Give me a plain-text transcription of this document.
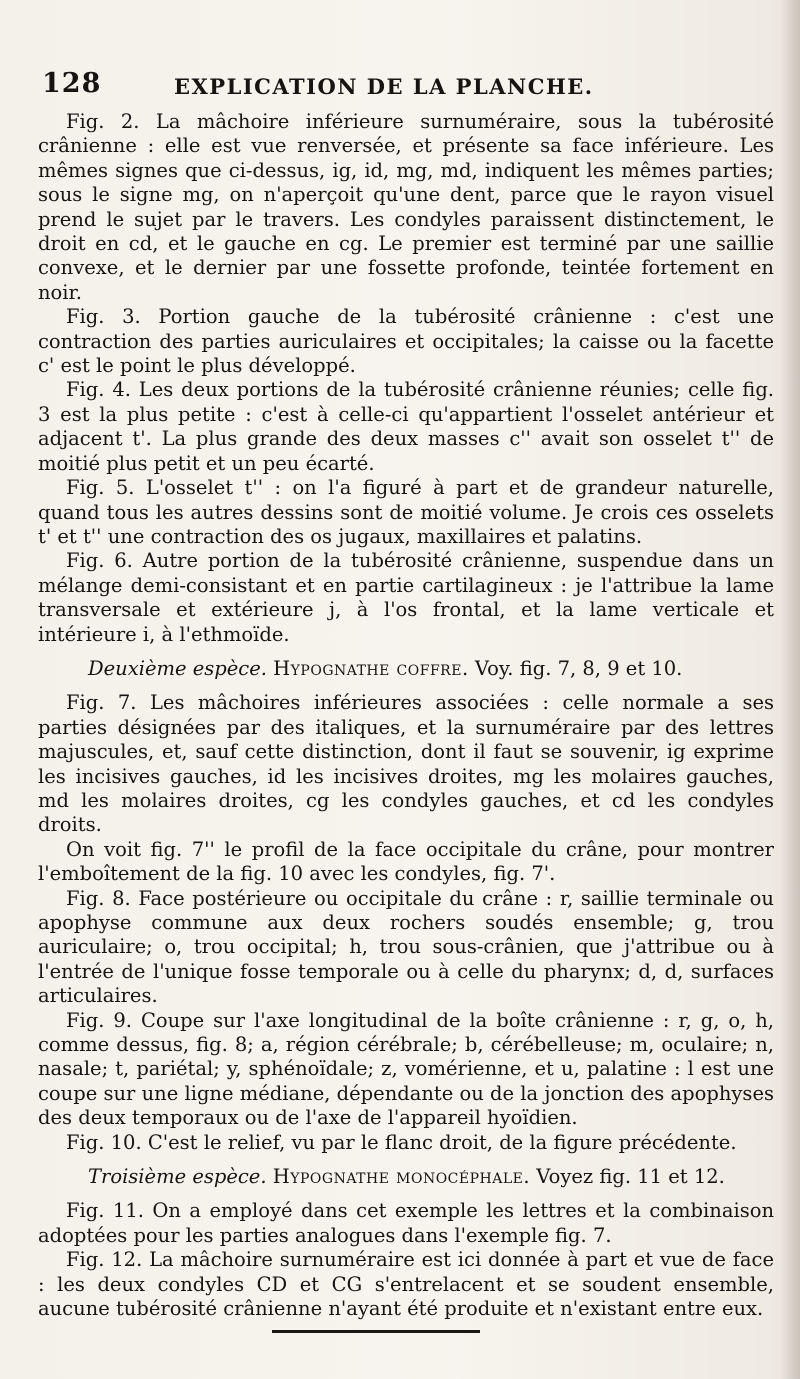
128	EXPLICATION DE LA PLANCHE.

Fig. 2. La mâchoire inférieure surnuméraire, sous la tubérosité crânienne : elle est vue renversée, et présente sa face inférieure. Les mêmes signes que ci-dessus, ig, id, mg, md, indiquent les mêmes parties; sous le signe mg, on n'aperçoit qu'une dent, parce que le rayon visuel prend le sujet par le travers. Les condyles paraissent distinctement, le droit en cd, et le gauche en cg. Le premier est terminé par une saillie convexe, et le dernier par une fossette profonde, teintée fortement en noir.

Fig. 3. Portion gauche de la tubérosité crânienne : c'est une contraction des parties auriculaires et occipitales; la caisse ou la facette c' est le point le plus développé.

Fig. 4. Les deux portions de la tubérosité crânienne réunies; celle fig. 3 est la plus petite : c'est à celle-ci qu'appartient l'osselet antérieur et adjacent t'. La plus grande des deux masses c'' avait son osselet t'' de moitié plus petit et un peu écarté.

Fig. 5. L'osselet t'' : on l'a figuré à part et de grandeur naturelle, quand tous les autres dessins sont de moitié volume. Je crois ces osselets t' et t'' une contraction des os jugaux, maxillaires et palatins.

Fig. 6. Autre portion de la tubérosité crânienne, suspendue dans un mélange demi-consistant et en partie cartilagineux : je l'attribue la lame transversale et extérieure j, à l'os frontal, et la lame verticale et intérieure i, à l'ethmoïde.

Deuxième espèce. Hypognathe coffre. Voy. fig. 7, 8, 9 et 10.

Fig. 7. Les mâchoires inférieures associées : celle normale a ses parties désignées par des italiques, et la surnuméraire par des lettres majuscules, et, sauf cette distinction, dont il faut se souvenir, ig exprime les incisives gauches, id les incisives droites, mg les molaires gauches, md les molaires droites, cg les condyles gauches, et cd les condyles droits.

On voit fig. 7'' le profil de la face occipitale du crâne, pour montrer l'emboîtement de la fig. 10 avec les condyles, fig. 7'.

Fig. 8. Face postérieure ou occipitale du crâne : r, saillie terminale ou apophyse commune aux deux rochers soudés ensemble; g, trou auriculaire; o, trou occipital; h, trou sous-crânien, que j'attribue ou à l'entrée de l'unique fosse temporale ou à celle du pharynx; d, d, surfaces articulaires.

Fig. 9. Coupe sur l'axe longitudinal de la boîte crânienne : r, g, o, h, comme dessus, fig. 8; a, région cérébrale; b, cérébelleuse; m, oculaire; n, nasale; t, pariétal; y, sphénoïdale; z, vomérienne, et u, palatine : l est une coupe sur une ligne médiane, dépendante ou de la jonction des apophyses des deux temporaux ou de l'axe de l'appareil hyoïdien.

Fig. 10. C'est le relief, vu par le flanc droit, de la figure précédente.

Troisième espèce. Hypognathe monocéphale. Voyez fig. 11 et 12.

Fig. 11. On a employé dans cet exemple les lettres et la combinaison adoptées pour les parties analogues dans l'exemple fig. 7.

Fig. 12. La mâchoire surnuméraire est ici donnée à part et vue de face : les deux condyles CD et CG s'entrelacent et se soudent ensemble, aucune tubérosité crânienne n'ayant été produite et n'existant entre eux.
